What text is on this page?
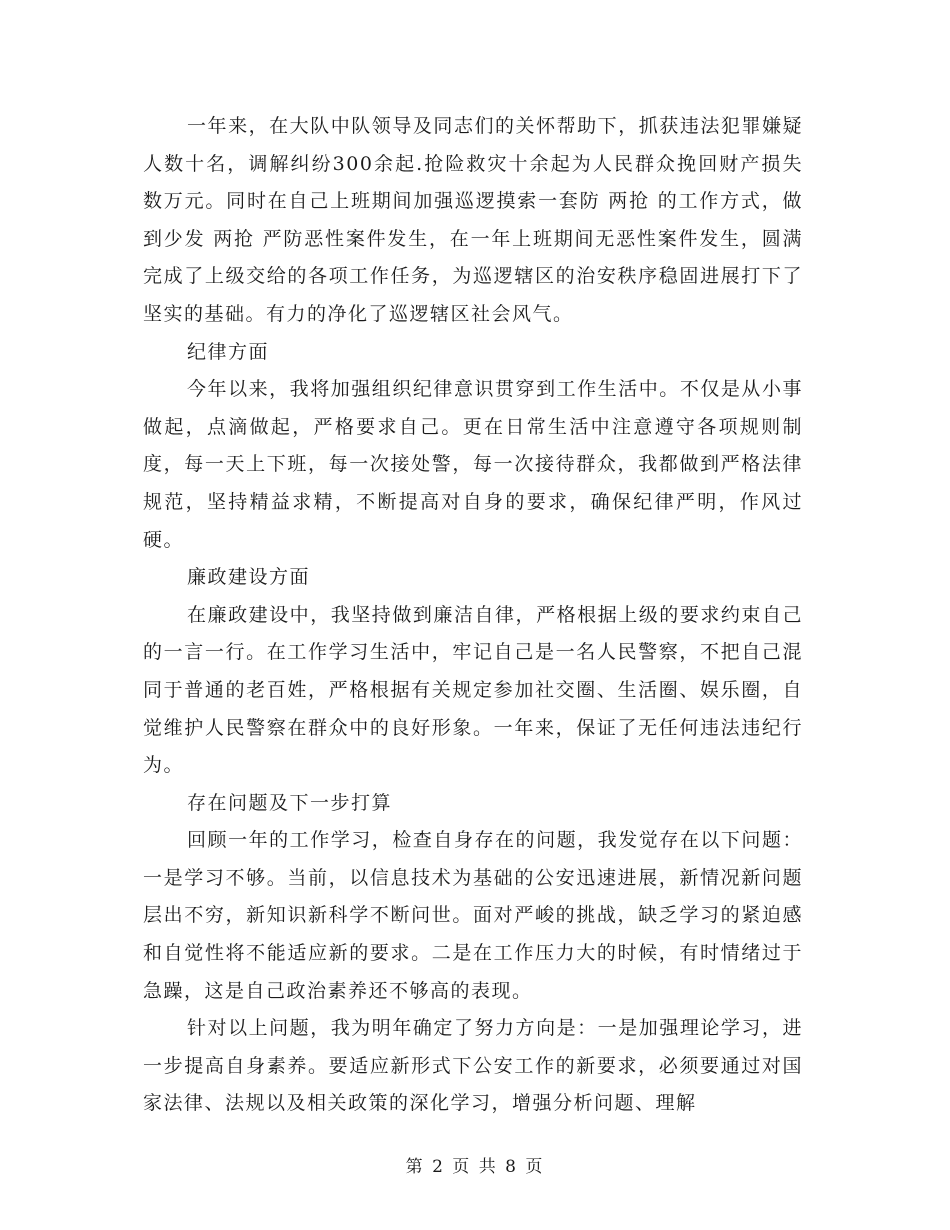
一年来，在大队中队领导及同志们的关怀帮助下，抓获违法犯罪嫌疑人数十名，调解纠纷300余起.抢险救灾十余起为人民群众挽回财产损失数万元。同时在自己上班期间加强巡逻摸索一套防 两抢 的工作方式，做到少发 两抢 严防恶性案件发生，在一年上班期间无恶性案件发生，圆满完成了上级交给的各项工作任务，为巡逻辖区的治安秩序稳固进展打下了坚实的基础。有力的净化了巡逻辖区社会风气。

纪律方面

今年以来，我将加强组织纪律意识贯穿到工作生活中。不仅是从小事做起，点滴做起，严格要求自己。更在日常生活中注意遵守各项规则制度，每一天上下班，每一次接处警，每一次接待群众，我都做到严格法律规范，坚持精益求精，不断提高对自身的要求，确保纪律严明，作风过硬。

廉政建设方面

在廉政建设中，我坚持做到廉洁自律，严格根据上级的要求约束自己的一言一行。在工作学习生活中，牢记自己是一名人民警察，不把自己混同于普通的老百姓，严格根据有关规定参加社交圈、生活圈、娱乐圈，自觉维护人民警察在群众中的良好形象。一年来，保证了无任何违法违纪行为。

存在问题及下一步打算

回顾一年的工作学习，检查自身存在的问题，我发觉存在以下问题：一是学习不够。当前，以信息技术为基础的公安迅速进展，新情况新问题层出不穷，新知识新科学不断问世。面对严峻的挑战，缺乏学习的紧迫感和自觉性将不能适应新的要求。二是在工作压力大的时候，有时情绪过于急躁，这是自己政治素养还不够高的表现。

针对以上问题，我为明年确定了努力方向是：一是加强理论学习，进一步提高自身素养。要适应新形式下公安工作的新要求，必须要通过对国家法律、法规以及相关政策的深化学习，增强分析问题、理解

第 2 页 共 8 页
